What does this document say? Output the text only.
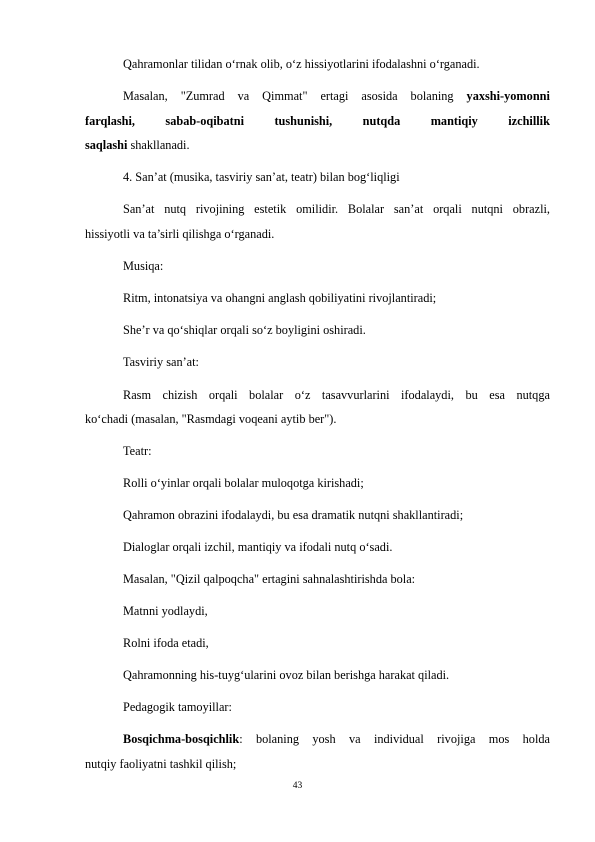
Qahramonlar tilidan o‘rnak olib, o‘z hissiyotlarini ifodalashni o‘rganadi.
Masalan, "Zumrad va Qimmat" ertagi asosida bolaning yaxshi-yomonni
farqlashi, sabab-oqibatni tushunishi, nutqda mantiqiy izchillik
saqlashi shakllanadi.
4. San’at (musika, tasviriy san’at, teatr) bilan bog‘liqligi
San’at nutq rivojining estetik omilidir. Bolalar san’at orqali nutqni obrazli,
hissiyotli va ta’sirli qilishga o‘rganadi.
Musiqa:
Ritm, intonatsiya va ohangni anglash qobiliyatini rivojlantiradi;
She’r va qo‘shiqlar orqali so‘z boyligini oshiradi.
Tasviriy san’at:
Rasm chizish orqali bolalar o‘z tasavvurlarini ifodalaydi, bu esa nutqga
ko‘chadi (masalan, "Rasmdagi voqeani aytib ber").
Teatr:
Rolli o‘yinlar orqali bolalar muloqotga kirishadi;
Qahramon obrazini ifodalaydi, bu esa dramatik nutqni shakllantiradi;
Dialoglar orqali izchil, mantiqiy va ifodali nutq o‘sadi.
Masalan, "Qizil qalpoqcha" ertagini sahnalashtirishda bola:
Matnni yodlaydi,
Rolni ifoda etadi,
Qahramonning his-tuyg‘ularini ovoz bilan berishga harakat qiladi.
Pedagogik tamoyillar:
Bosqichma-bosqichlik: bolaning yosh va individual rivojiga mos holda
nutqiy faoliyatni tashkil qilish;
43
